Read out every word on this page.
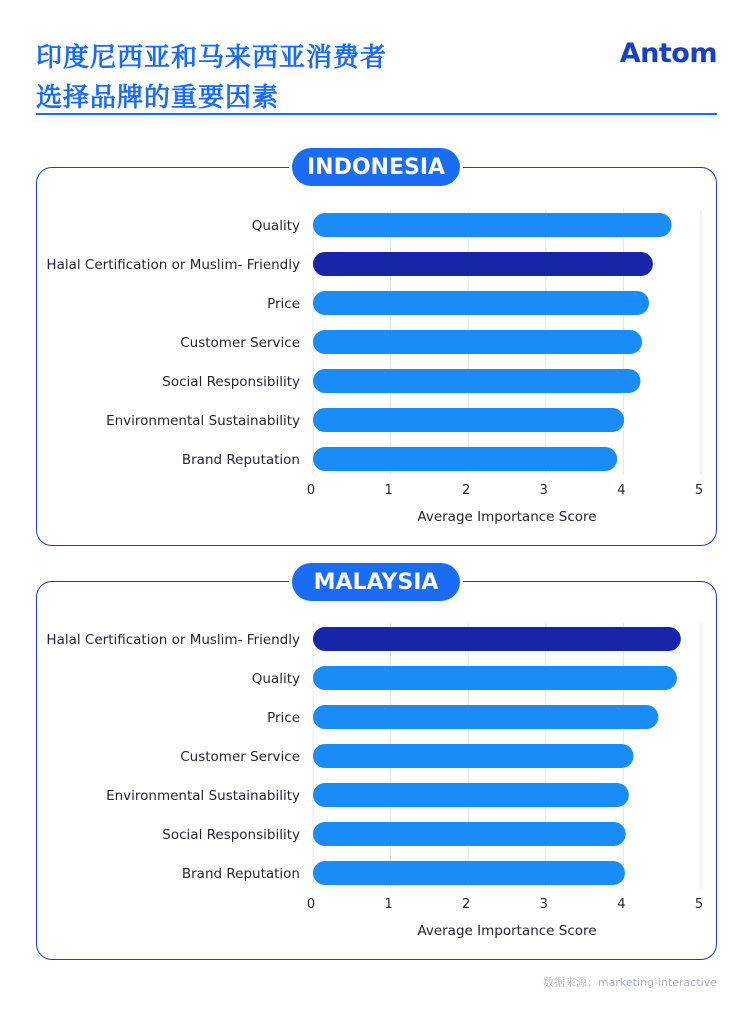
印度尼西亚和马来西亚消费者
选择品牌的重要因素
Antom
INDONESIA
MALAYSIA
Quality
Halal Certification or Muslim- Friendly
Price
Customer Service
Social Responsibility
Environmental Sustainability
Brand Reputation
0	1	2	3	4	5
Average Importance Score
Halal Certification or Muslim- Friendly
Quality
Price
Customer Service
Environmental Sustainability
Social Responsibility
Brand Reputation
0	1	2	3	4	5
Average Importance Score
数据来源：marketing-interactive
